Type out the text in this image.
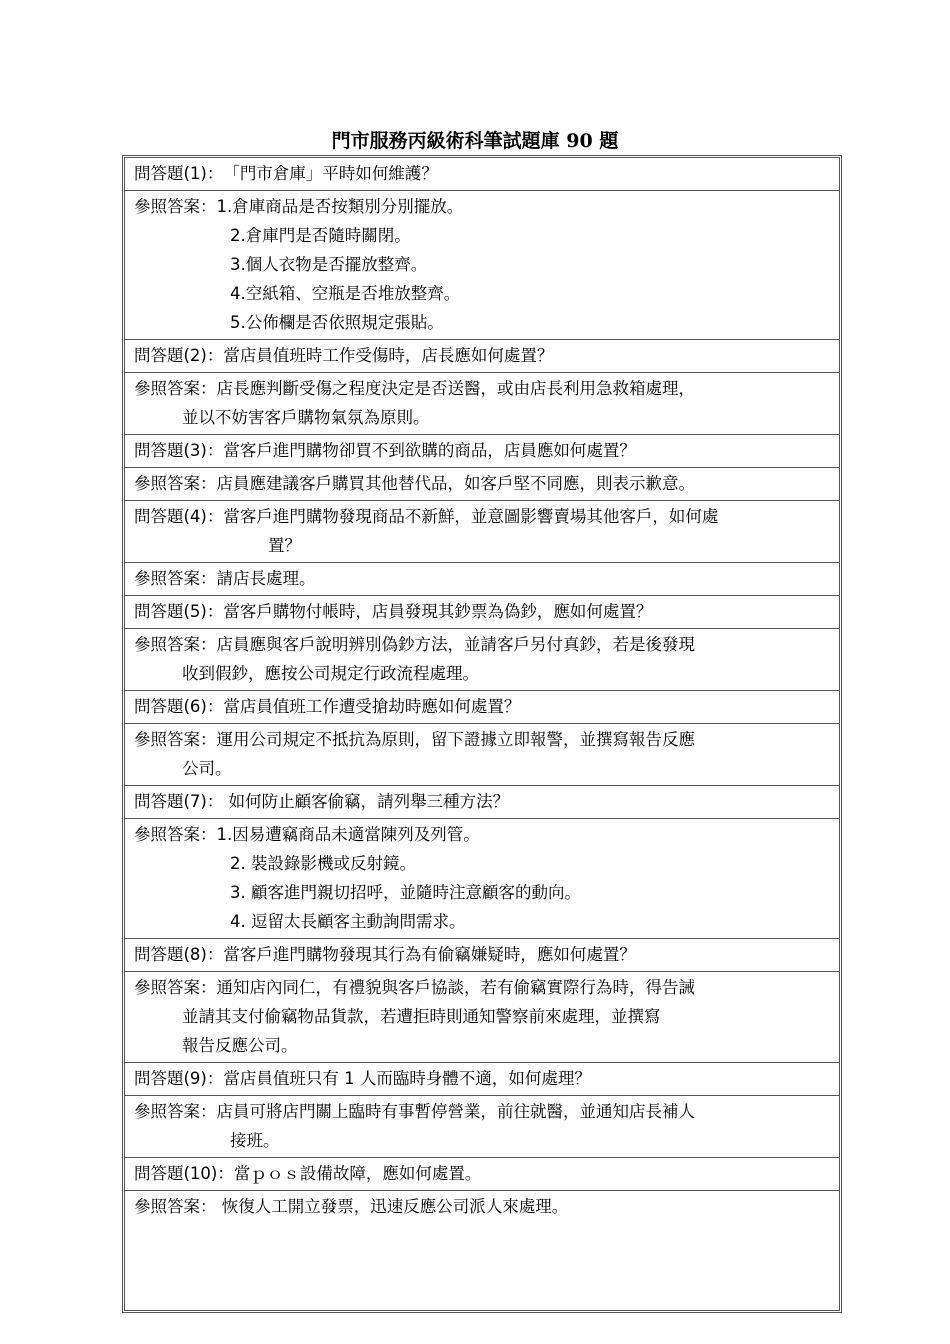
門市服務丙級術科筆試題庫 90 題
問答題(1)：　「門市倉庫」平時如何維護？
參照答案：1.倉庫商品是否按類別分別擺放。
2.倉庫門是否隨時關閉。
3.個人衣物是否擺放整齊。
4.空紙箱、空瓶是否堆放整齊。
5.公佈欄是否依照規定張貼。
問答題(2)：當店員值班時工作受傷時，店長應如何處置？
參照答案：店長應判斷受傷之程度決定是否送醫，或由店長利用急救箱處理，
並以不妨害客戶購物氣氛為原則。
問答題(3)：當客戶進門購物卻買不到欲購的商品，店員應如何處置？
參照答案：店員應建議客戶購買其他替代品，如客戶堅不同應，則表示歉意。
問答題(4)：當客戶進門購物發現商品不新鮮，並意圖影響賣場其他客戶，如何處
置？
參照答案：請店長處理。
問答題(5)：當客戶購物付帳時，店員發現其鈔票為偽鈔，應如何處置？
參照答案：店員應與客戶說明辨別偽鈔方法，並請客戶另付真鈔，若是後發現
收到假鈔，應按公司規定行政流程處理。
問答題(6)：當店員值班工作遭受搶劫時應如何處置？
參照答案：運用公司規定不抵抗為原則，留下證據立即報警，並撰寫報告反應
公司。
問答題(7)： 如何防止顧客偷竊，請列舉三種方法？
參照答案：1.因易遭竊商品未適當陳列及列管。
2. 裝設錄影機或反射鏡。
3. 顧客進門親切招呼，並隨時注意顧客的動向。
4. 逗留太長顧客主動詢問需求。
問答題(8)：當客戶進門購物發現其行為有偷竊嫌疑時，應如何處置？
參照答案：通知店內同仁，有禮貌與客戶協談，若有偷竊實際行為時，得告誡
並請其支付偷竊物品貨款，若遭拒時則通知警察前來處理，並撰寫
報告反應公司。
問答題(9)：當店員值班只有 1 人而臨時身體不適，如何處理？
參照答案：店員可將店門關上臨時有事暫停營業，前往就醫，並通知店長補人
接班。
問答題(10)：當ｐｏｓ設備故障，應如何處置。
參照答案： 恢復人工開立發票，迅速反應公司派人來處理。
